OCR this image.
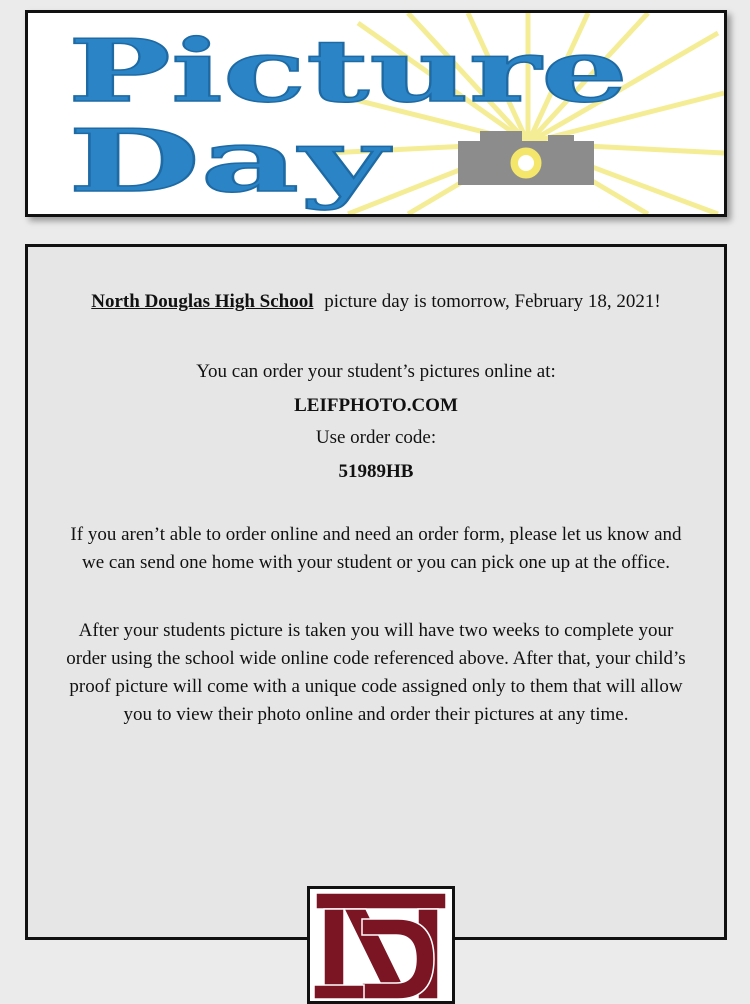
Picture
Day
North Douglas High School picture day is tomorrow, February 18, 2021!
You can order your student’s pictures online at:
LEIFPHOTO.COM
Use order code:
51989HB
If you aren’t able to order online and need an order form, please let us know and
we can send one home with your student or you can pick one up at the office.
After your students picture is taken you will have two weeks to complete your
order using the school wide online code referenced above. After that, your child’s
proof picture will come with a unique code assigned only to them that will allow
you to view their photo online and order their pictures at any time.
